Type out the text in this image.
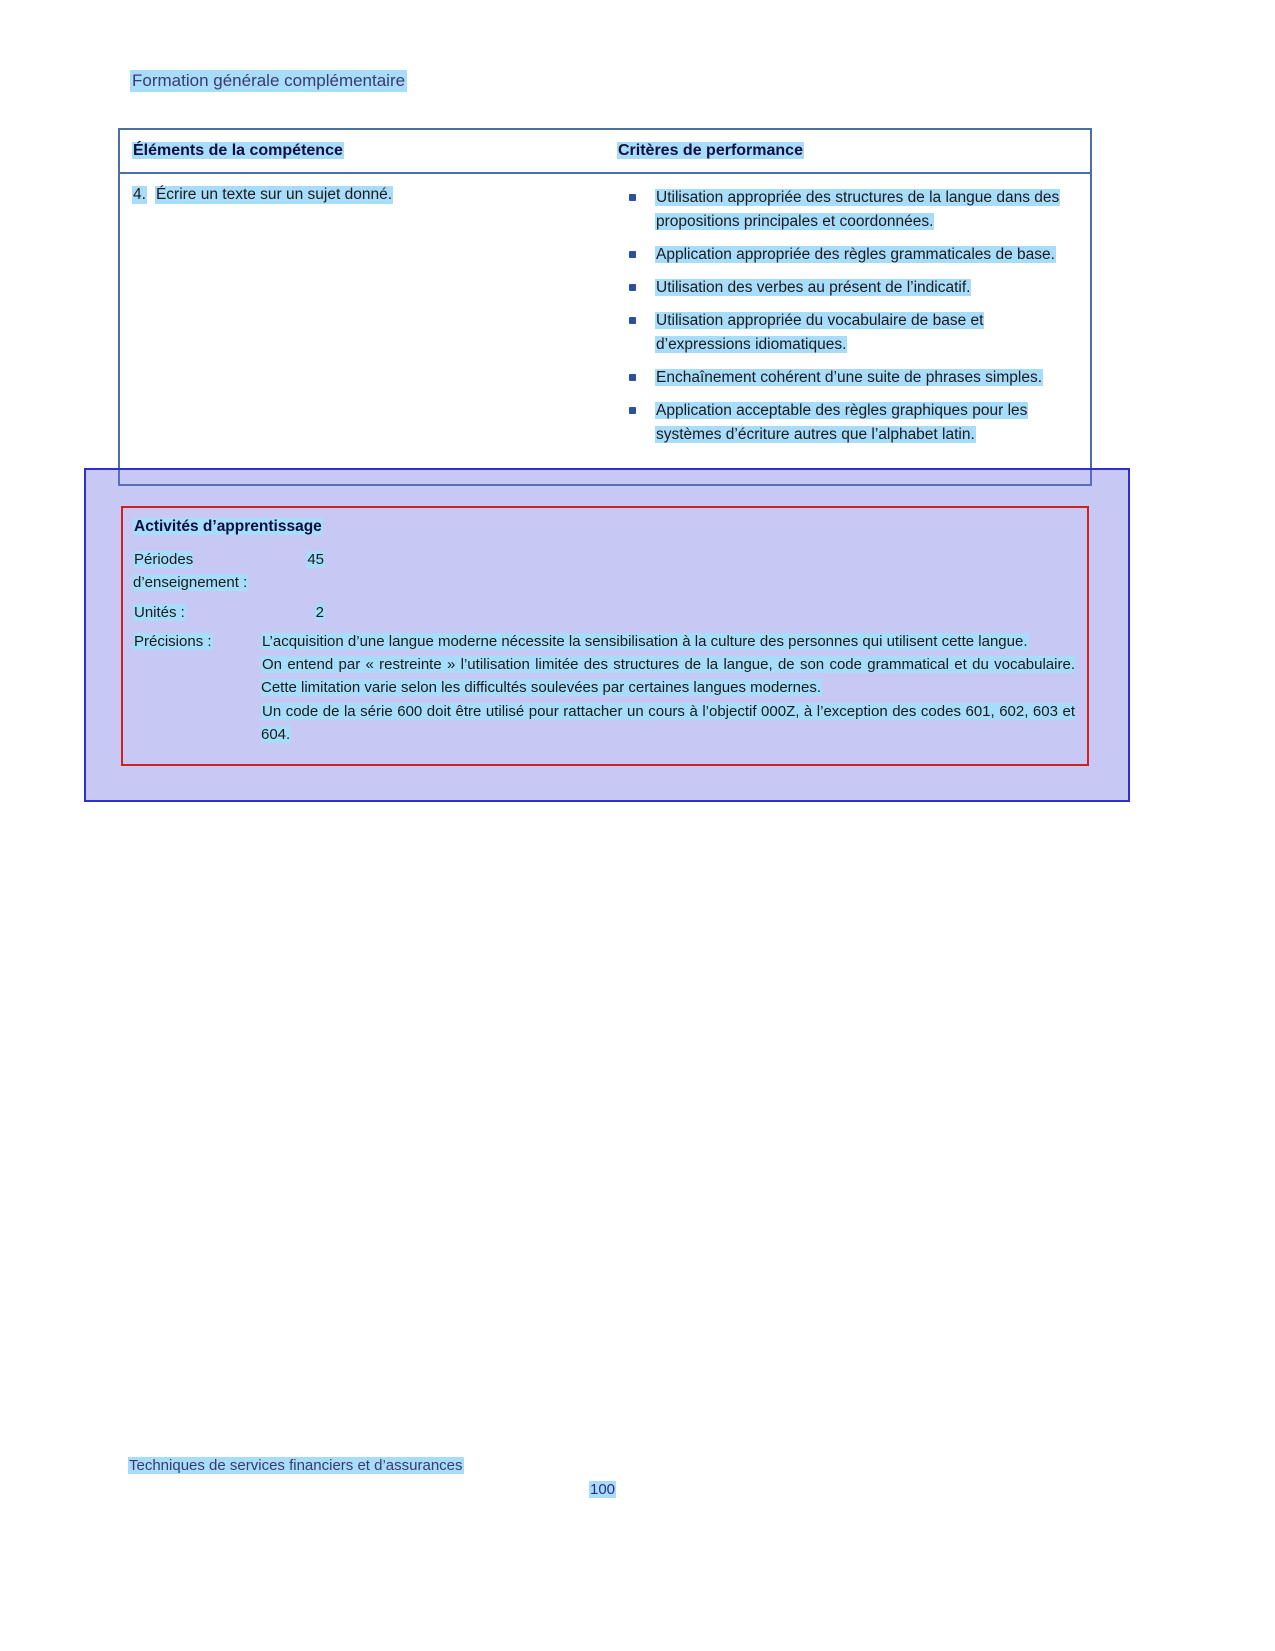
Formation générale complémentaire
Éléments de la compétence	Critères de performance
4. Écrire un texte sur un sujet donné.	Utilisation appropriée des structures de la langue dans des propositions principales et coordonnées.
Application appropriée des règles grammaticales de base.
Utilisation des verbes au présent de l’indicatif.
Utilisation appropriée du vocabulaire de base et d’expressions idiomatiques.
Enchaînement cohérent d’une suite de phrases simples.
Application acceptable des règles graphiques pour les systèmes d’écriture autres que l’alphabet latin.
Activités d’apprentissage
Périodes d’enseignement :
45
Unités :	2
Précisions :	L’acquisition d’une langue moderne nécessite la sensibilisation à la culture des personnes qui utilisent cette langue.

On entend par « restreinte » l’utilisation limitée des structures de la langue, de son code grammatical et du vocabulaire. Cette limitation varie selon les difficultés soulevées par certaines langues modernes.

Un code de la série 600 doit être utilisé pour rattacher un cours à l’objectif 000Z, à l’exception des codes 601, 602, 603 et 604.

Techniques de services financiers et d’assurances
100
